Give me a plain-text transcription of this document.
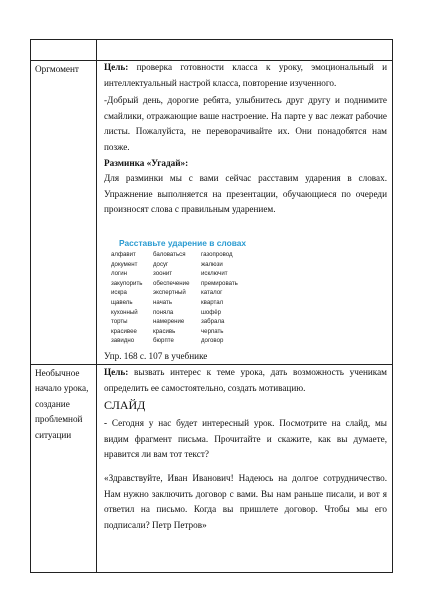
Оргмомент	Цель: проверка готовности класса к уроку, эмоциональный и интеллектуальный настрой класса, повторение изученного.

-Добрый день, дорогие ребята, улыбнитесь друг другу и поднимите смайлики, отражающие ваше настроение. На парте у вас лежат рабочие листы. Пожалуйста, не переворачивайте их. Они понадобятся нам позже.

Разминка «Угадай»:

Для разминки мы с вами сейчас расставим ударения в словах. Упражнение выполняется на презентации, обучающиеся по очереди произносят слова с правильным ударением.

Расставьте ударение в словах
алфавит
документ
логин
закупорить
искра
щавель
кухонный
торты
красивее
завидно
баловаться
досуг
зоонит
обеспечение
экспертный
начать
поняла
намерение
красивь
бюрпте
газопровод
жалюзи
исключит
премировать
каталог
квартал
шофёр
забрала
черпать
договор
Упр. 168 с. 107 в учебнике
Необычное начало урока, создание проблемной ситуации

Цель: вызвать интерес к теме урока, дать возможность ученикам определить ее самостоятельно, создать мотивацию.

СЛАЙД

- Сегодня у нас будет интересный урок. Посмотрите на слайд, мы видим фрагмент письма. Прочитайте и скажите, как вы думаете, нравится ли вам тот текст?

«Здравствуйте, Иван Иванович! Надеюсь на долгое сотрудничество. Нам нужно заключить договор с вами. Вы нам раньше писали, и вот я ответил на письмо. Когда вы пришлете договор. Чтобы мы его подписали? Петр Петров»
